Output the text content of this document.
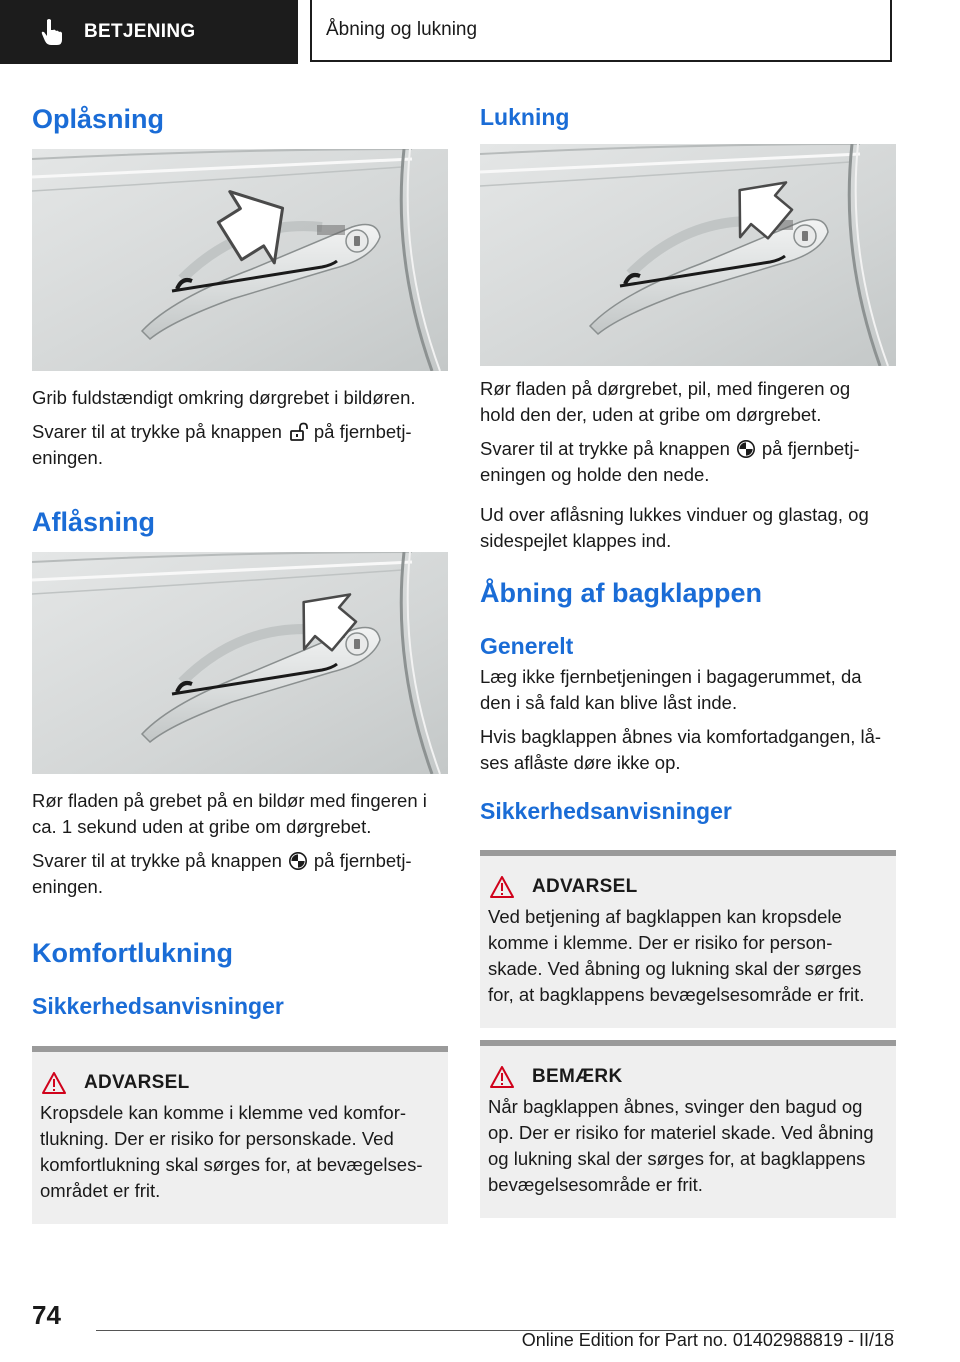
BETJENING	Åbning og lukning
Oplåsning

Grib fuldstændigt omkring dørgrebet i bildøren.

Svarer til at trykke på knappen på fjernbetj‐
eningen.

Aflåsning

Rør fladen på grebet på en bildør med fingeren i
ca. 1 sekund uden at gribe om dørgrebet.

Svarer til at trykke på knappen på fjernbetj‐
eningen.

Komfortlukning
Sikkerhedsanvisninger
ADVARSEL

Kropsdele kan komme i klemme ved komfor‐
tlukning. Der er risiko for personskade. Ved
komfortlukning skal sørges for, at bevægelses‐
området er frit.

Lukning

Rør fladen på dørgrebet, pil, med fingeren og
hold den der, uden at gribe om dørgrebet.

Svarer til at trykke på knappen på fjernbetj‐
eningen og holde den nede.

Ud over aflåsning lukkes vinduer og glastag, og
sidespejlet klappes ind.

Åbning af bagklappen
Generelt

Læg ikke fjernbetjeningen i bagagerummet, da
den i så fald kan blive låst inde.

Hvis bagklappen åbnes via komfortadgangen, lå‐
ses aflåste døre ikke op.

Sikkerhedsanvisninger
ADVARSEL

Ved betjening af bagklappen kan kropsdele
komme i klemme. Der er risiko for person‐
skade. Ved åbning og lukning skal der sørges
for, at bagklappens bevægelsesområde er frit.

BEMÆRK

Når bagklappen åbnes, svinger den bagud og
op. Der er risiko for materiel skade. Ved åbning
og lukning skal der sørges for, at bagklappens
bevægelsesområde er frit.

74
Online Edition for Part no. 01402988819 - II/18
